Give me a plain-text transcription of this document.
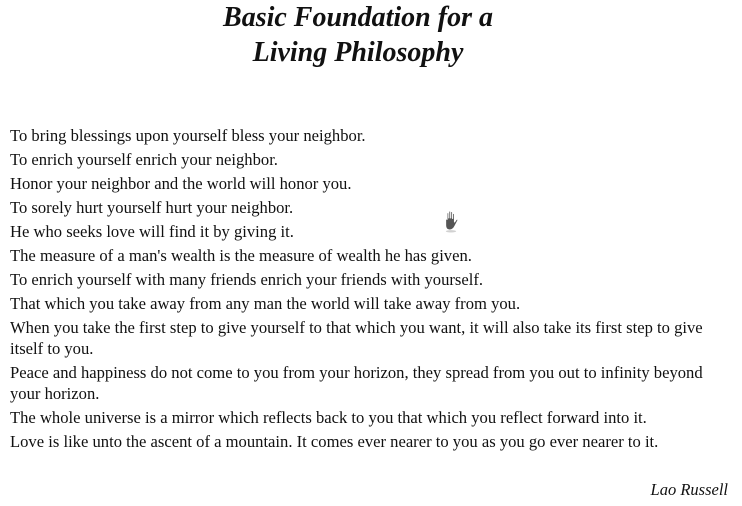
Basic Foundation for a
Living Philosophy
To bring blessings upon yourself bless your neighbor.
To enrich yourself enrich your neighbor.
Honor your neighbor and the world will honor you.
To sorely hurt yourself hurt your neighbor.
He who seeks love will find it by giving it.
The measure of a man's wealth is the measure of wealth he has given.
To enrich yourself with many friends enrich your friends with yourself.
That which you take away from any man the world will take away from you.
When you take the first step to give yourself to that which you want, it will also take its first step to give itself to you.
Peace and happiness do not come to you from your horizon, they spread from you out to infinity beyond your horizon.
The whole universe is a mirror which reflects back to you that which you reflect forward into it.
Love is like unto the ascent of a mountain. It comes ever nearer to you as you go ever nearer to it.

Lao Russell
